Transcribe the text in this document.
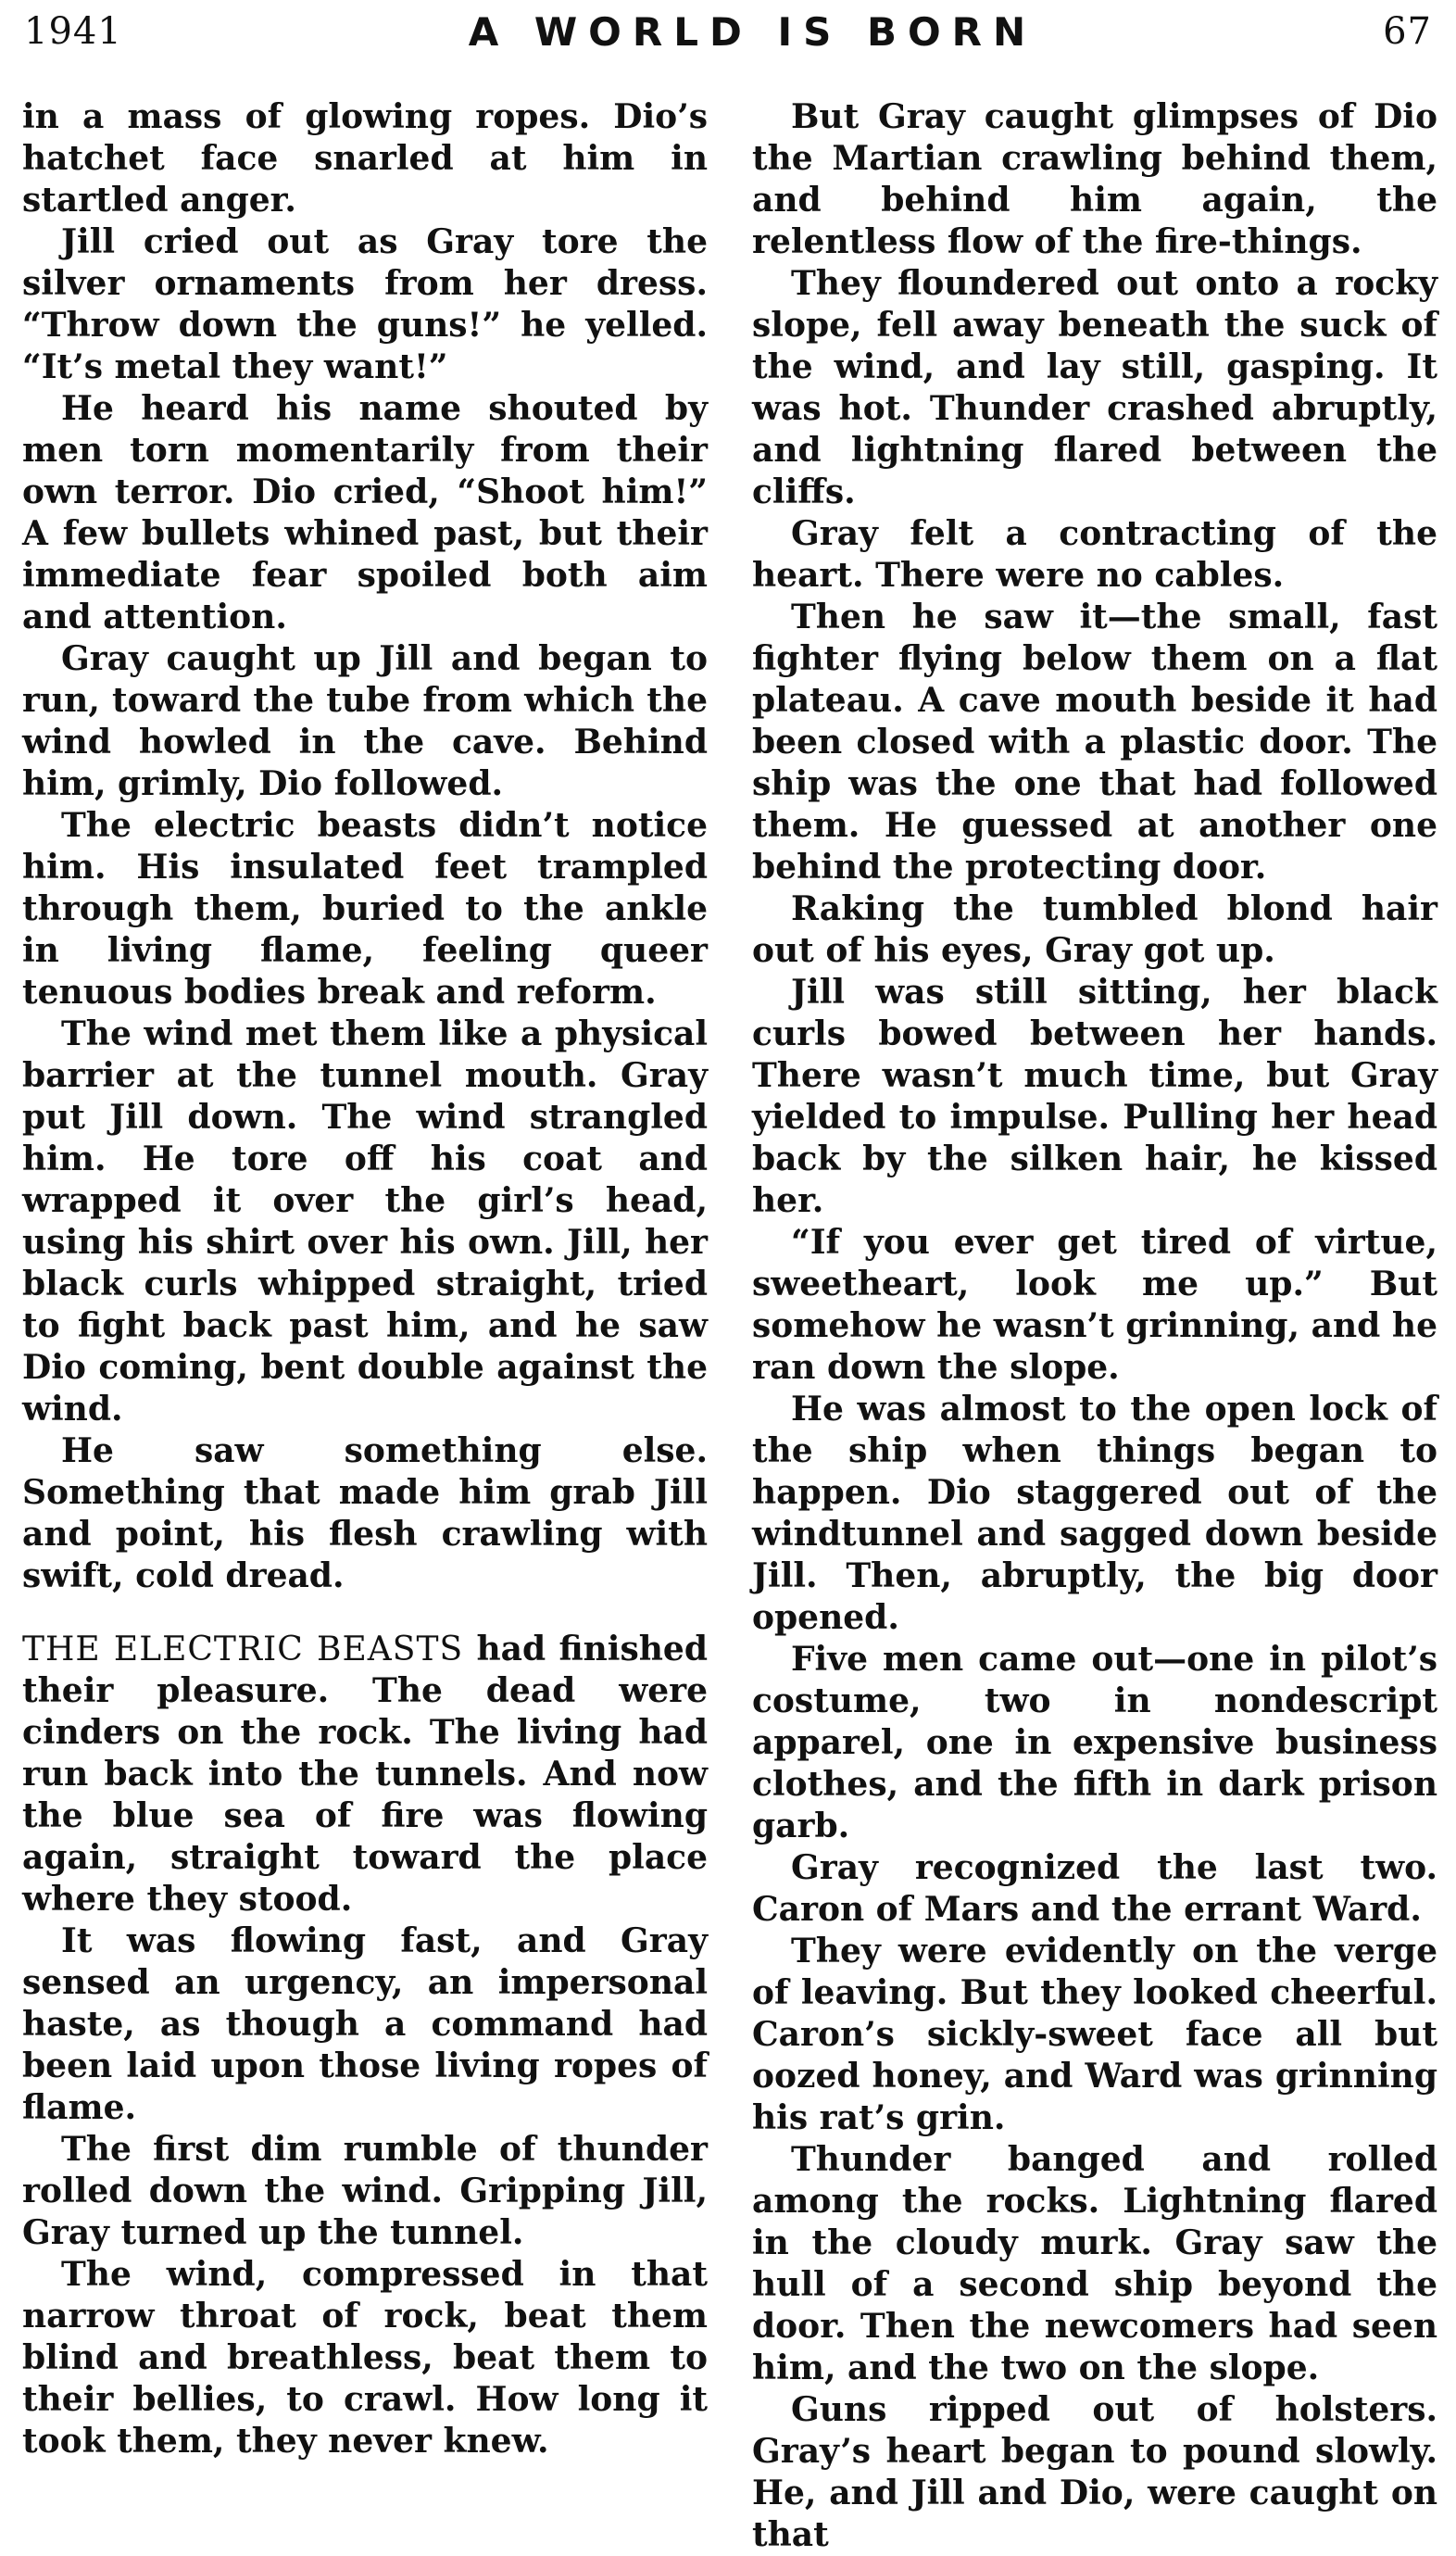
1941	A WORLD IS BORN	67

in a mass of glowing ropes. Dio’s hatchet face snarled at him in startled anger.

Jill cried out as Gray tore the silver ornaments from her dress. “Throw down the guns!” he yelled. “It’s metal they want!”

He heard his name shouted by men torn momentarily from their own terror. Dio cried, “Shoot him!” A few bullets whined past, but their immediate fear spoiled both aim and attention.

Gray caught up Jill and began to run, toward the tube from which the wind howled in the cave. Behind him, grimly, Dio followed.

The electric beasts didn’t notice him. His insulated feet trampled through them, buried to the ankle in living flame, feeling queer tenuous bodies break and reform.

The wind met them like a physical barrier at the tunnel mouth. Gray put Jill down. The wind strangled him. He tore off his coat and wrapped it over the girl’s head, using his shirt over his own. Jill, her black curls whipped straight, tried to fight back past him, and he saw Dio coming, bent double against the wind.

He saw something else. Something that made him grab Jill and point, his flesh crawling with swift, cold dread.

THE ELECTRIC BEASTS had finished their pleasure. The dead were cinders on the rock. The living had run back into the tunnels. And now the blue sea of fire was flowing again, straight toward the place where they stood.

It was flowing fast, and Gray sensed an urgency, an impersonal haste, as though a command had been laid upon those living ropes of flame.

The first dim rumble of thunder rolled down the wind. Gripping Jill, Gray turned up the tunnel.

The wind, compressed in that narrow throat of rock, beat them blind and breathless, beat them to their bellies, to crawl. How long it took them, they never knew.

But Gray caught glimpses of Dio the Martian crawling behind them, and behind him again, the relentless flow of the fire-things.

They floundered out onto a rocky slope, fell away beneath the suck of the wind, and lay still, gasping. It was hot. Thunder crashed abruptly, and lightning flared between the cliffs.

Gray felt a contracting of the heart. There were no cables.

Then he saw it—the small, fast fighter flying below them on a flat plateau. A cave mouth beside it had been closed with a plastic door. The ship was the one that had followed them. He guessed at another one behind the protecting door.

Raking the tumbled blond hair out of his eyes, Gray got up.

Jill was still sitting, her black curls bowed between her hands. There wasn’t much time, but Gray yielded to impulse. Pulling her head back by the silken hair, he kissed her.

“If you ever get tired of virtue, sweetheart, look me up.” But somehow he wasn’t grinning, and he ran down the slope.

He was almost to the open lock of the ship when things began to happen. Dio staggered out of the windtunnel and sagged down beside Jill. Then, abruptly, the big door opened.

Five men came out—one in pilot’s costume, two in nondescript apparel, one in expensive business clothes, and the fifth in dark prison garb.

Gray recognized the last two. Caron of Mars and the errant Ward.

They were evidently on the verge of leaving. But they looked cheerful. Caron’s sickly-sweet face all but oozed honey, and Ward was grinning his rat’s grin.

Thunder banged and rolled among the rocks. Lightning flared in the cloudy murk. Gray saw the hull of a second ship beyond the door. Then the newcomers had seen him, and the two on the slope.

Guns ripped out of holsters. Gray’s heart began to pound slowly. He, and Jill and Dio, were caught on that
